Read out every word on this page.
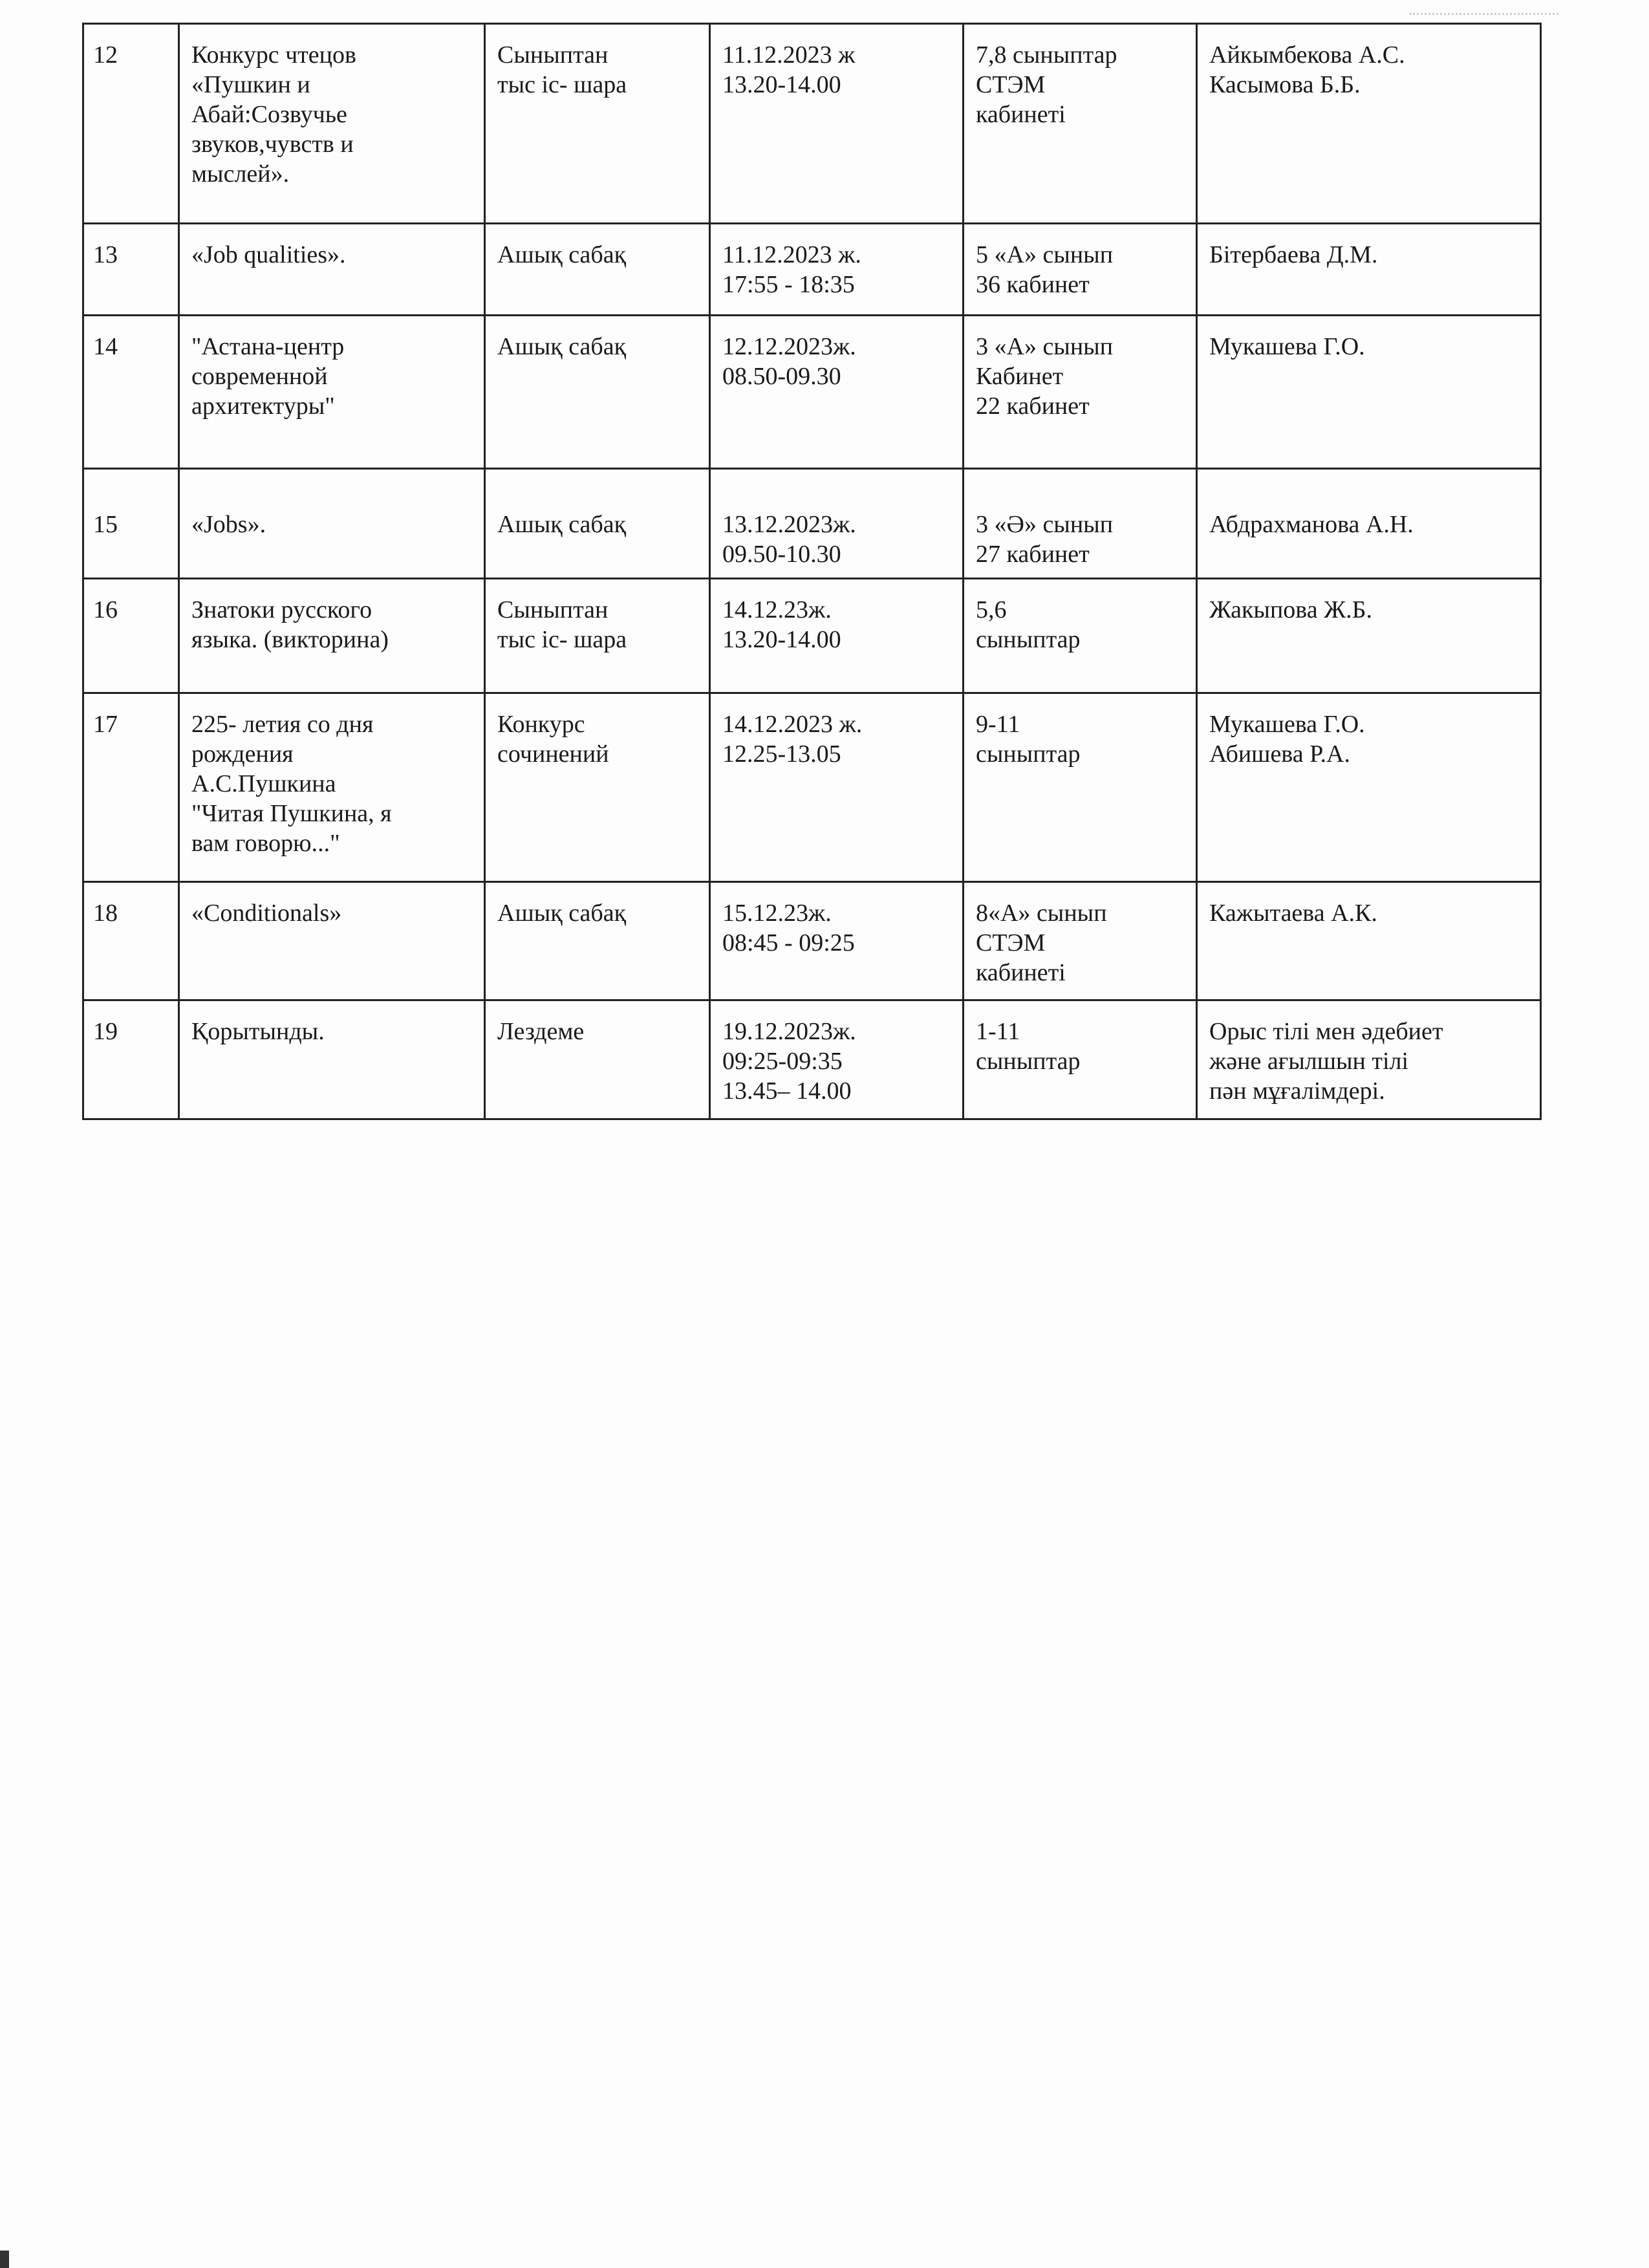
12	Конкурс чтецов
«Пушкин и
Абай:Созвучье
звуков,чувств и
мыслей».	Сыныптан
тыс іс- шара	11.12.2023 ж
13.20-14.00	7,8 сыныптар
СТЭМ
кабинеті	Айкымбекова А.С.
Касымова Б.Б.
13	«Job qualities».	Ашық сабақ	11.12.2023 ж.
17:55 - 18:35	5 «А» сынып
36 кабинет	Бітербаева Д.М.
14	"Астана-центр
современной
архитектуры"	Ашық сабақ	12.12.2023ж.
08.50-09.30	3 «А» сынып
Кабинет
22 кабинет	Мукашева Г.О.
15	«Jobs».	Ашық сабақ	13.12.2023ж.
09.50-10.30	3 «Ә» сынып
27 кабинет	Абдрахманова А.Н.
16	Знатоки русского
языка. (викторина)	Сыныптан
тыс іс- шара	14.12.23ж.
13.20-14.00	5,6
сыныптар	Жакыпова Ж.Б.
17	225- летия со дня
рождения
А.С.Пушкина
"Читая Пушкина, я
вам говорю..."	Конкурс
сочинений	14.12.2023 ж.
12.25-13.05	9-11
сыныптар	Мукашева Г.О.
Абишева Р.А.
18	«Conditionals»	Ашық сабақ	15.12.23ж.
08:45 - 09:25	8«А» сынып
СТЭМ
кабинеті	Кажытаева А.К.
19	Қорытынды.	Лездеме	19.12.2023ж.
09:25-09:35
13.45– 14.00	1-11
сыныптар	Орыс тілі мен әдебиет
және ағылшын тілі
пән мұғалімдері.
